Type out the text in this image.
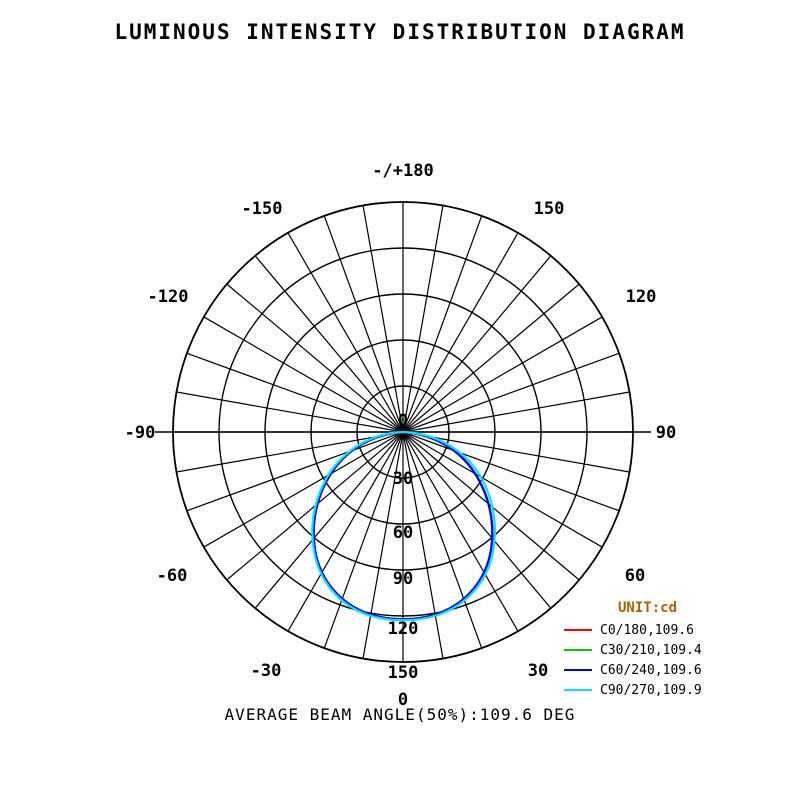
LUMINOUS INTENSITY DISTRIBUTION DIAGRAM
-/+180
150
120
90
60
30
0
-30
-60
-90
-120
-150
0
30
60
90
120
150
UNIT:cd
C0/180,109.6
C30/210,109.4
C60/240,109.6
C90/270,109.9
AVERAGE BEAM ANGLE(50%):109.6 DEG
